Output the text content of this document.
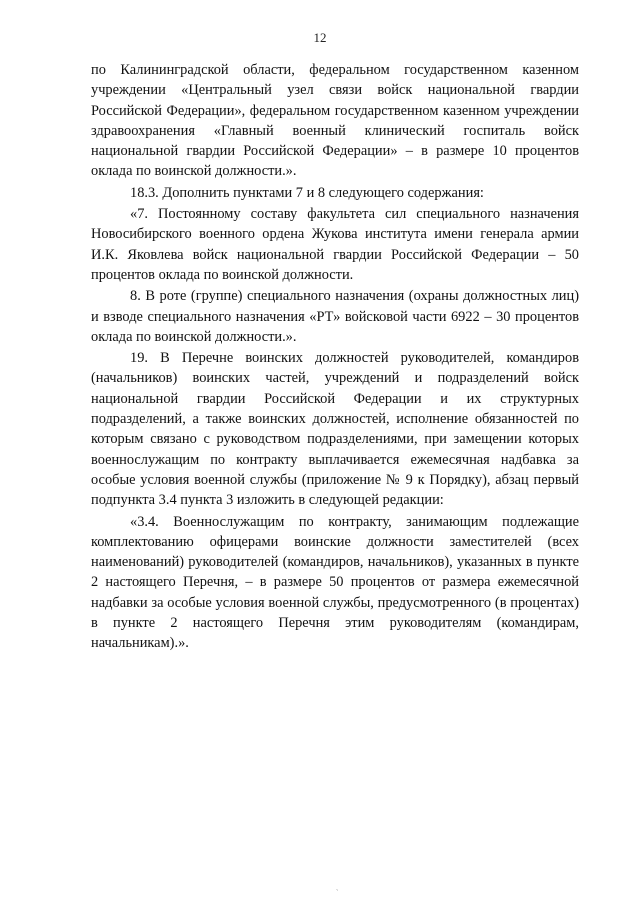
12

по Калининградской области, федеральном государственном казенном учреждении «Центральный узел связи войск национальной гвардии Российской Федерации», федеральном государственном казенном учреждении здравоохранения «Главный военный клинический госпиталь войск национальной гвардии Российской Федерации» – в размере 10 процентов оклада по воинской должности.».

18.3. Дополнить пунктами 7 и 8 следующего содержания:

«7. Постоянному составу факультета сил специального назначения Новосибирского военного ордена Жукова института имени генерала армии И.К. Яковлева войск национальной гвардии Российской Федерации – 50 процентов оклада по воинской должности.

8. В роте (группе) специального назначения (охраны должностных лиц) и взводе специального назначения «РТ» войсковой части 6922 – 30 процентов оклада по воинской должности.».

19. В Перечне воинских должностей руководителей, командиров (начальников) воинских частей, учреждений и подразделений войск национальной гвардии Российской Федерации и их структурных подразделений, а также воинских должностей, исполнение обязанностей по которым связано с руководством подразделениями, при замещении которых военнослужащим по контракту выплачивается ежемесячная надбавка за особые условия военной службы (приложение № 9 к Порядку), абзац первый подпункта 3.4 пункта 3 изложить в следующей редакции:

«3.4. Военнослужащим по контракту, занимающим подлежащие комплектованию офицерами воинские должности заместителей (всех наименований) руководителей (командиров, начальников), указанных в пункте 2 настоящего Перечня, – в размере 50 процентов от размера ежемесячной надбавки за особые условия военной службы, предусмотренного (в процентах) в пункте 2 настоящего Перечня этим руководителям (командирам, начальникам).».

ˏ
